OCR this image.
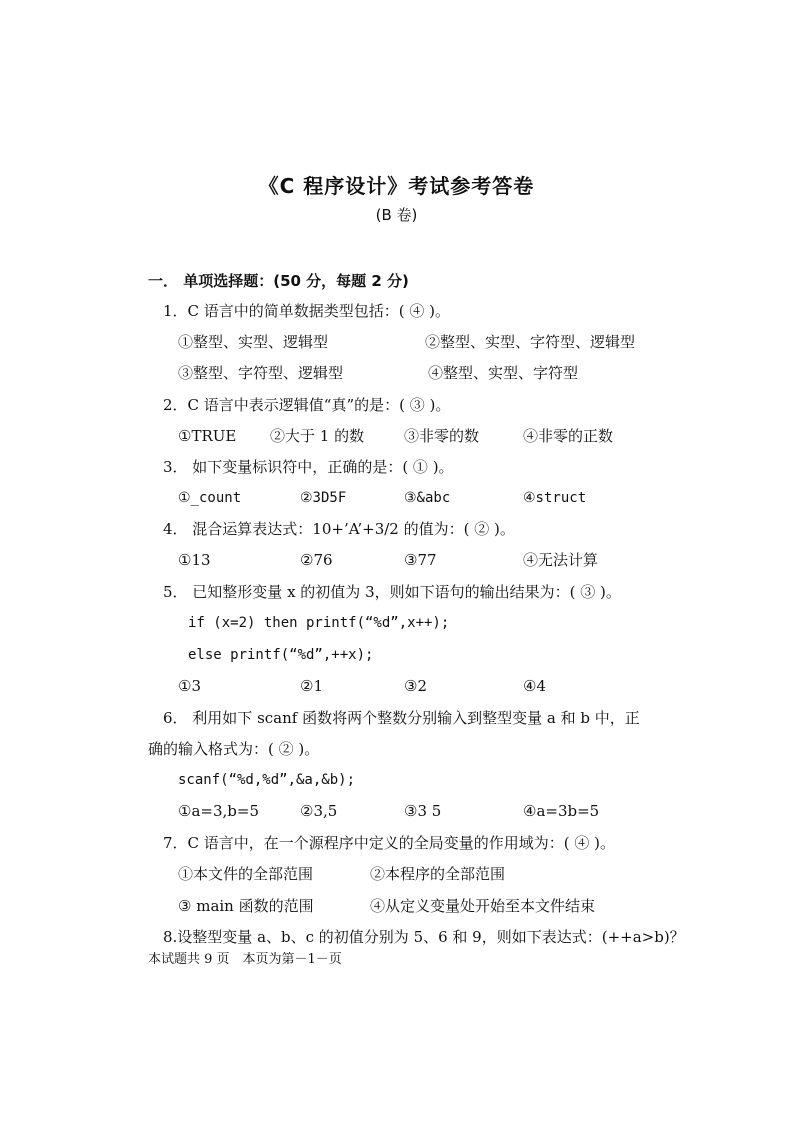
《C 程序设计》考试参考答卷
(B 卷)
一． 单项选择题：(50 分，每题 2 分)
1．C 语言中的简单数据类型包括：( ④ )。
①整型、实型、逻辑型	②整型、实型、字符型、逻辑型
③整型、字符型、逻辑型	④整型、实型、字符型
2．C 语言中表示逻辑值“真”的是：( ③ )。
①TRUE ②大于 1 的数	③非零的数	④非零的正数
3． 如下变量标识符中，正确的是：( ① )。
①_count	②3D5F	③&abc	④struct
4． 混合运算表达式：10+’A’+3/2 的值为：( ② )。
①13	②76	③77	④无法计算
5． 已知整形变量 x 的初值为 3，则如下语句的输出结果为：( ③ )。
if (x=2) then printf(“%d”,x++);
else printf(“%d”,++x);
①3	②1	③2	④4
6． 利用如下 scanf 函数将两个整数分别输入到整型变量 a 和 b 中，正
确的输入格式为：( ② )。
scanf(“%d,%d”,&a,&b);
①a=3,b=5	②3,5	③3 5	④a=3b=5
7．C 语言中，在一个源程序中定义的全局变量的作用域为：( ④ )。
①本文件的全部范围	②本程序的全部范围
③ main 函数的范围	④从定义变量处开始至本文件结束
8.设整型变量 a、b、c 的初值分别为 5、6 和 9，则如下表达式：(++a>b)？
本试题共 9 页　本页为第－1－页
